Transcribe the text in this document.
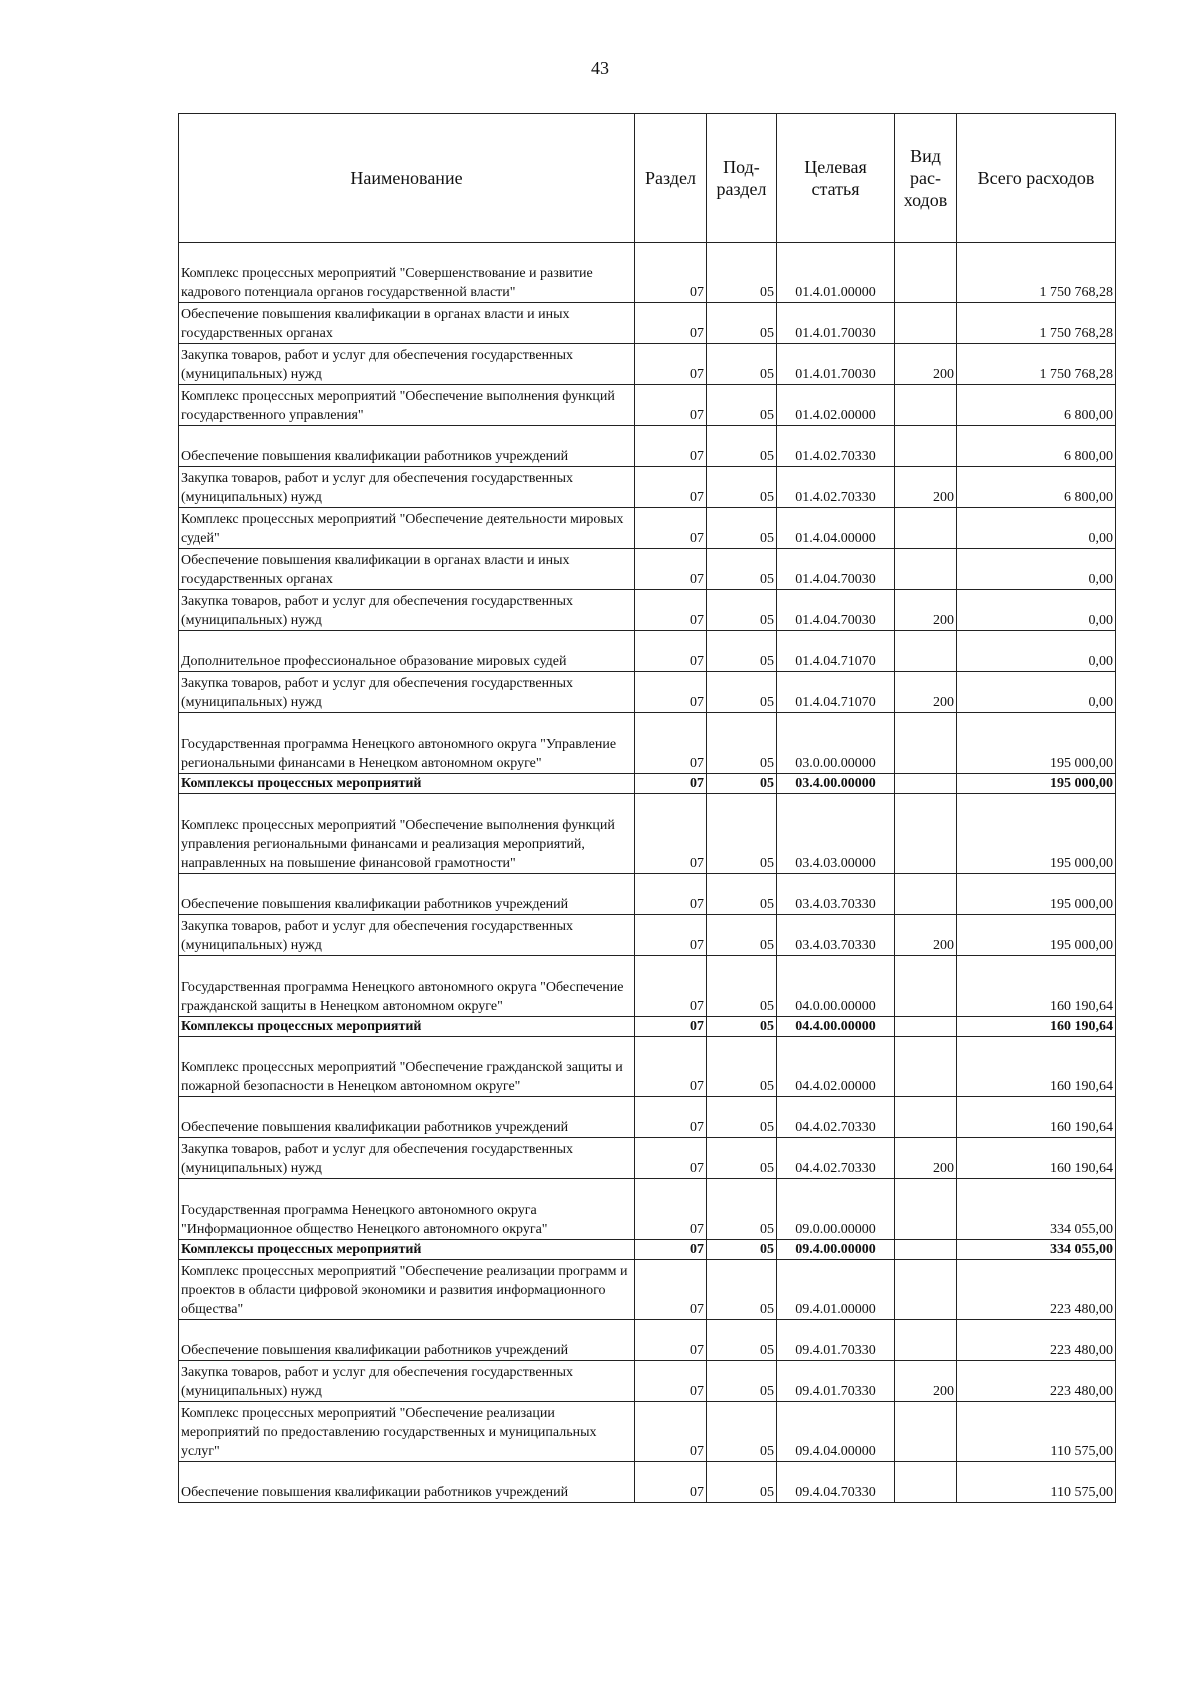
43
Наименование	Раздел	Под-раздел	Целевая статья	Вид рас-ходов	Всего расходов
Комплекс процессных мероприятий "Совершенствование и развитие кадрового потенциала органов государственной власти"	07	05	01.4.01.00000		1 750 768,28
Обеспечение повышения квалификации в органах власти и иных государственных органах	07	05	01.4.01.70030		1 750 768,28
Закупка товаров, работ и услуг для обеспечения государственных (муниципальных) нужд	07	05	01.4.01.70030	200	1 750 768,28
Комплекс процессных мероприятий "Обеспечение выполнения функций государственного управления"	07	05	01.4.02.00000		6 800,00
Обеспечение повышения квалификации работников учреждений	07	05	01.4.02.70330		6 800,00
Закупка товаров, работ и услуг для обеспечения государственных (муниципальных) нужд	07	05	01.4.02.70330	200	6 800,00
Комплекс процессных мероприятий "Обеспечение деятельности мировых судей"	07	05	01.4.04.00000		0,00
Обеспечение повышения квалификации в органах власти и иных государственных органах	07	05	01.4.04.70030		0,00
Закупка товаров, работ и услуг для обеспечения государственных (муниципальных) нужд	07	05	01.4.04.70030	200	0,00
Дополнительное профессиональное образование мировых судей	07	05	01.4.04.71070		0,00
Закупка товаров, работ и услуг для обеспечения государственных (муниципальных) нужд	07	05	01.4.04.71070	200	0,00
Государственная программа Ненецкого автономного округа "Управление региональными финансами в Ненецком автономном округе"	07	05	03.0.00.00000		195 000,00
Комплексы процессных мероприятий	07	05	03.4.00.00000		195 000,00
Комплекс процессных мероприятий "Обеспечение выполнения функций управления региональными финансами и реализация мероприятий, направленных на повышение финансовой грамотности"	07	05	03.4.03.00000		195 000,00
Обеспечение повышения квалификации работников учреждений	07	05	03.4.03.70330		195 000,00
Закупка товаров, работ и услуг для обеспечения государственных (муниципальных) нужд	07	05	03.4.03.70330	200	195 000,00
Государственная программа Ненецкого автономного округа "Обеспечение гражданской защиты в Ненецком автономном округе"	07	05	04.0.00.00000		160 190,64
Комплексы процессных мероприятий	07	05	04.4.00.00000		160 190,64
Комплекс процессных мероприятий "Обеспечение гражданской защиты и пожарной безопасности в Ненецком автономном округе"	07	05	04.4.02.00000		160 190,64
Обеспечение повышения квалификации работников учреждений	07	05	04.4.02.70330		160 190,64
Закупка товаров, работ и услуг для обеспечения государственных (муниципальных) нужд	07	05	04.4.02.70330	200	160 190,64
Государственная программа Ненецкого автономного округа "Информационное общество Ненецкого автономного округа"	07	05	09.0.00.00000		334 055,00
Комплексы процессных мероприятий	07	05	09.4.00.00000		334 055,00
Комплекс процессных мероприятий "Обеспечение реализации программ и проектов в области цифровой экономики и развития информационного общества"	07	05	09.4.01.00000		223 480,00
Обеспечение повышения квалификации работников учреждений	07	05	09.4.01.70330		223 480,00
Закупка товаров, работ и услуг для обеспечения государственных (муниципальных) нужд	07	05	09.4.01.70330	200	223 480,00
Комплекс процессных мероприятий "Обеспечение реализации мероприятий по предоставлению государственных и муниципальных услуг"	07	05	09.4.04.00000		110 575,00
Обеспечение повышения квалификации работников учреждений	07	05	09.4.04.70330		110 575,00
